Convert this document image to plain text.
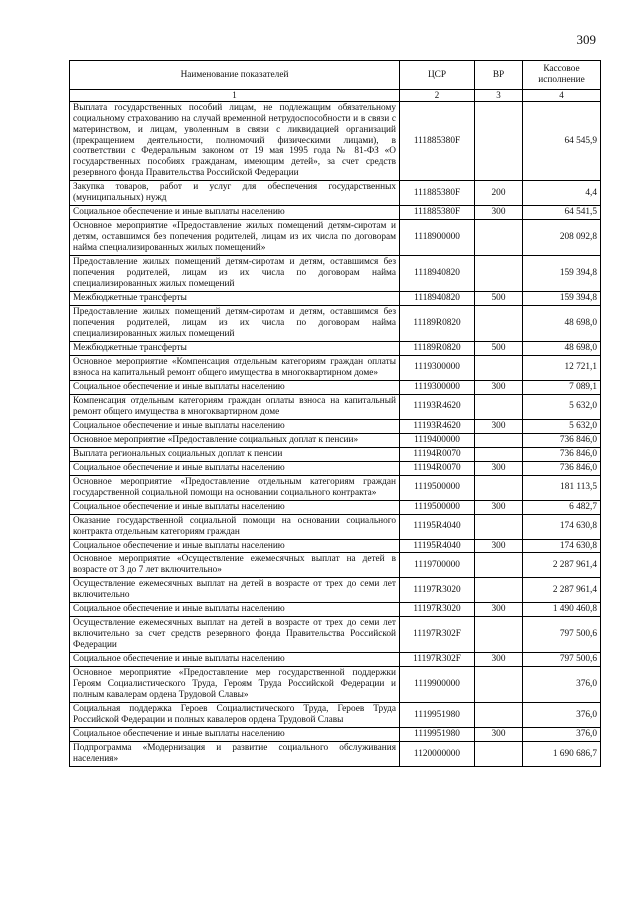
309
Наименование показателей	ЦСР	ВР	Кассовое исполнение
1	2	3	4
Выплата государственных пособий лицам, не подлежащим обязательному социальному страхованию на случай временной нетрудоспособности и в связи с материнством, и лицам, уволенным в связи с ликвидацией организаций (прекращением деятельности, полномочий физическими лицами), в соответствии с Федеральным законом от 19 мая 1995 года № 81-ФЗ «О государственных пособиях гражданам, имеющим детей», за счет средств резервного фонда Правительства Российской Федерации	111885380F		64 545,9
Закупка товаров, работ и услуг для обеспечения государственных (муниципальных) нужд	111885380F	200	4,4
Социальное обеспечение и иные выплаты населению	111885380F	300	64 541,5
Основное мероприятие «Предоставление жилых помещений детям-сиротам и детям, оставшимся без попечения родителей, лицам из их числа по договорам найма специализированных жилых помещений»	1118900000		208 092,8
Предоставление жилых помещений детям-сиротам и детям, оставшимся без попечения родителей, лицам из их числа по договорам найма специализированных жилых помещений	1118940820		159 394,8
Межбюджетные трансферты	1118940820	500	159 394,8
Предоставление жилых помещений детям-сиротам и детям, оставшимся без попечения родителей, лицам из их числа по договорам найма специализированных жилых помещений	11189R0820		48 698,0
Межбюджетные трансферты	11189R0820	500	48 698,0
Основное мероприятие «Компенсация отдельным категориям граждан оплаты взноса на капитальный ремонт общего имущества в многоквартирном доме»	1119300000		12 721,1
Социальное обеспечение и иные выплаты населению	1119300000	300	7 089,1
Компенсация отдельным категориям граждан оплаты взноса на капитальный ремонт общего имущества в многоквартирном доме	11193R4620		5 632,0
Социальное обеспечение и иные выплаты населению	11193R4620	300	5 632,0
Основное мероприятие «Предоставление социальных доплат к пенсии»	1119400000		736 846,0
Выплата региональных социальных доплат к пенсии	11194R0070		736 846,0
Социальное обеспечение и иные выплаты населению	11194R0070	300	736 846,0
Основное мероприятие «Предоставление отдельным категориям граждан государственной социальной помощи на основании социального контракта»	1119500000		181 113,5
Социальное обеспечение и иные выплаты населению	1119500000	300	6 482,7
Оказание государственной социальной помощи на основании социального контракта отдельным категориям граждан	11195R4040		174 630,8
Социальное обеспечение и иные выплаты населению	11195R4040	300	174 630,8
Основное мероприятие «Осуществление ежемесячных выплат на детей в возрасте от 3 до 7 лет включительно»	1119700000		2 287 961,4
Осуществление ежемесячных выплат на детей в возрасте от трех до семи лет включительно	11197R3020		2 287 961,4
Социальное обеспечение и иные выплаты населению	11197R3020	300	1 490 460,8
Осуществление ежемесячных выплат на детей в возрасте от трех до семи лет включительно за счет средств резервного фонда Правительства Российской Федерации	11197R302F		797 500,6
Социальное обеспечение и иные выплаты населению	11197R302F	300	797 500,6
Основное мероприятие «Предоставление мер государственной поддержки Героям Социалистического Труда, Героям Труда Российской Федерации и полным кавалерам ордена Трудовой Славы»	1119900000		376,0
Социальная поддержка Героев Социалистического Труда, Героев Труда Российской Федерации и полных кавалеров ордена Трудовой Славы	1119951980		376,0
Социальное обеспечение и иные выплаты населению	1119951980	300	376,0
Подпрограмма «Модернизация и развитие социального обслуживания населения»	1120000000		1 690 686,7
